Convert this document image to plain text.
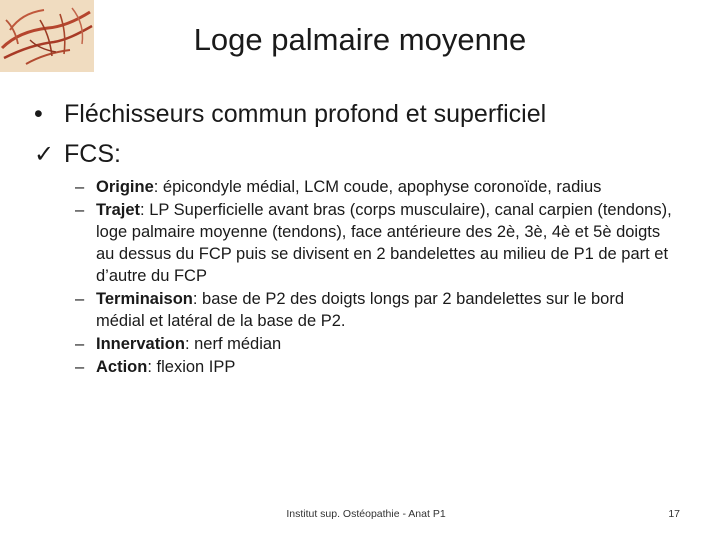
Loge palmaire moyenne
• Fléchisseurs commun profond et superficiel
✓ FCS:
– Origine: épicondyle médial, LCM coude, apophyse coronoïde, radius
– Trajet: LP Superficielle avant bras (corps musculaire), canal carpien (tendons), loge palmaire moyenne (tendons), face antérieure des 2è, 3è, 4è et 5è doigts au dessus du FCP puis se divisent en 2 bandelettes au milieu de P1 de part et d’autre du FCP
– Terminaison: base de P2 des doigts longs par 2 bandelettes sur le bord médial et latéral de la base de P2.
– Innervation: nerf médian
– Action: flexion IPP
Institut sup. Ostéopathie - Anat P1	17
